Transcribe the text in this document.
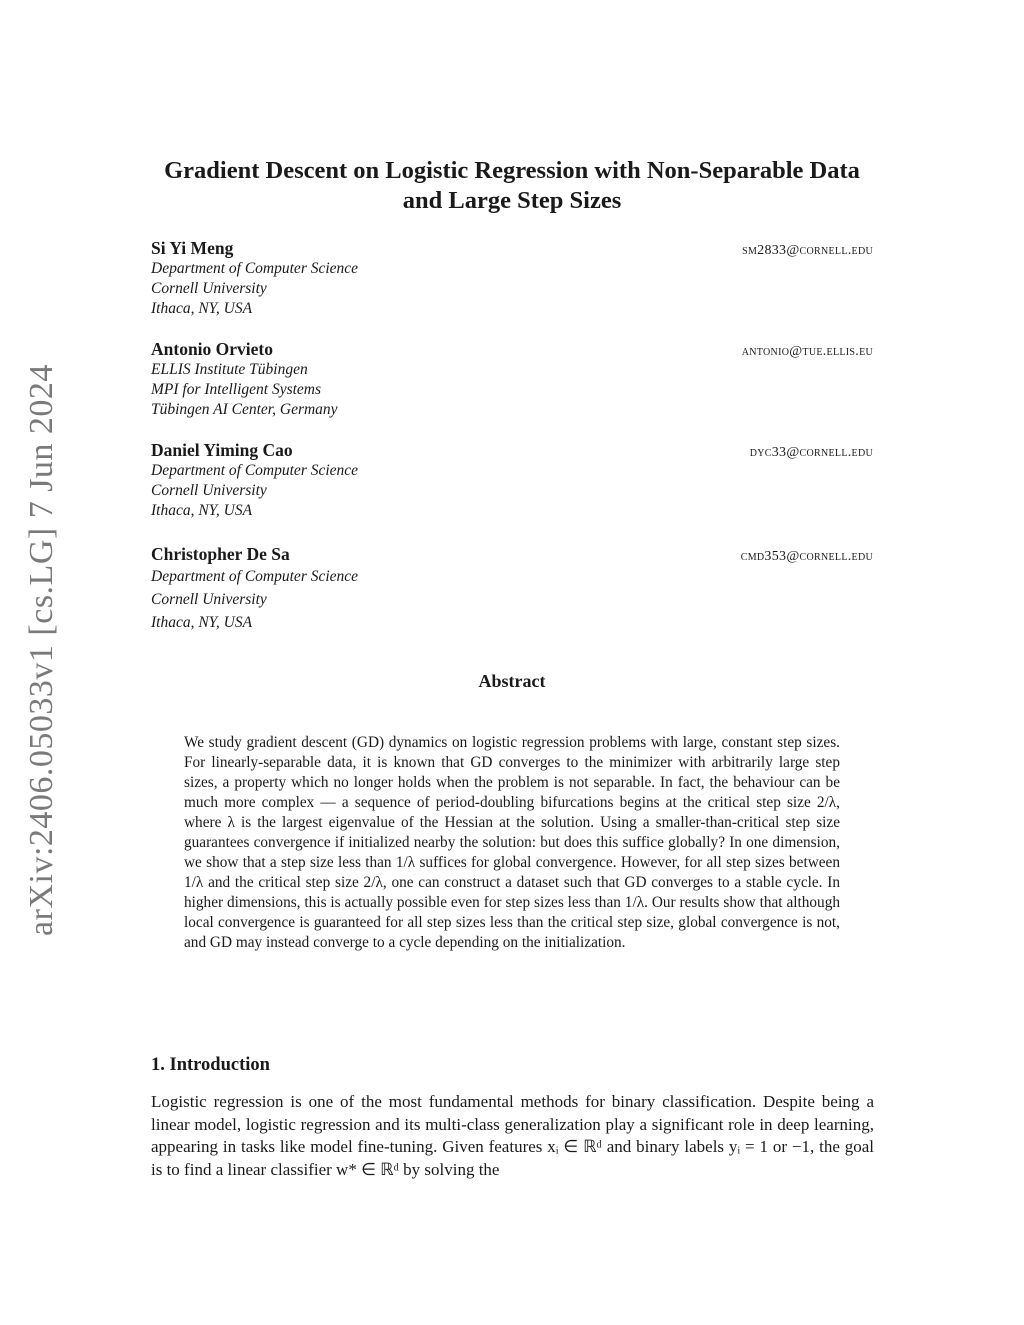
arXiv:2406.05033v1 [cs.LG] 7 Jun 2024
Gradient Descent on Logistic Regression with Non-Separable Data and Large Step Sizes
Si Yi Meng	sm2833@cornell.edu
Department of Computer Science
Cornell University
Ithaca, NY, USA
Antonio Orvieto	antonio@tue.ellis.eu
ELLIS Institute Tübingen
MPI for Intelligent Systems
Tübingen AI Center, Germany
Daniel Yiming Cao	dyc33@cornell.edu
Department of Computer Science
Cornell University
Ithaca, NY, USA
Christopher De Sa	cmd353@cornell.edu
Department of Computer Science
Cornell University
Ithaca, NY, USA
Abstract
We study gradient descent (GD) dynamics on logistic regression problems with large, constant step sizes. For linearly-separable data, it is known that GD converges to the minimizer with arbitrarily large step sizes, a property which no longer holds when the problem is not separable. In fact, the behaviour can be much more complex — a sequence of period-doubling bifurcations begins at the critical step size 2/λ, where λ is the largest eigenvalue of the Hessian at the solution. Using a smaller-than-critical step size guarantees convergence if initialized nearby the solution: but does this suffice globally? In one dimension, we show that a step size less than 1/λ suffices for global convergence. However, for all step sizes between 1/λ and the critical step size 2/λ, one can construct a dataset such that GD converges to a stable cycle. In higher dimensions, this is actually possible even for step sizes less than 1/λ. Our results show that although local convergence is guaranteed for all step sizes less than the critical step size, global convergence is not, and GD may instead converge to a cycle depending on the initialization.
1. Introduction
Logistic regression is one of the most fundamental methods for binary classification. Despite being a linear model, logistic regression and its multi-class generalization play a significant role in deep learning, appearing in tasks like model fine-tuning. Given features xᵢ ∈ ℝᵈ and binary labels yᵢ = 1 or −1, the goal is to find a linear classifier w* ∈ ℝᵈ by solving the
